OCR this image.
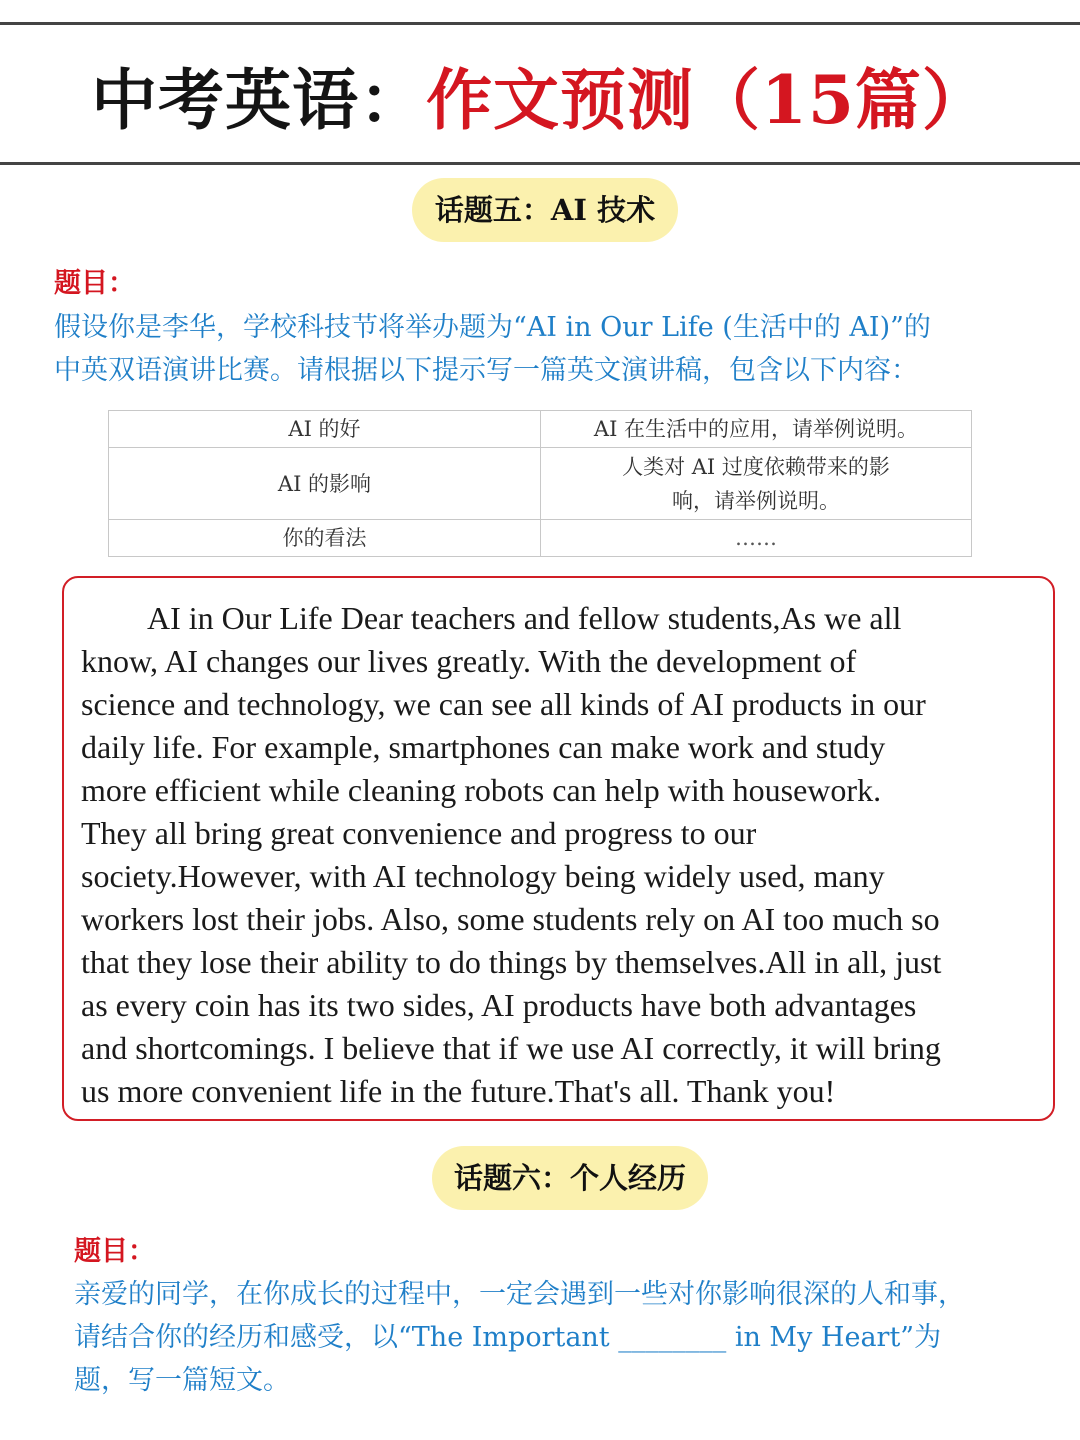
中考英语：作文预测（15篇）
话题五：AI 技术
题目：
假设你是李华，学校科技节将举办题为“AI in Our Life (生活中的 AI)”的
中英双语演讲比赛。请根据以下提示写一篇英文演讲稿，包含以下内容：
AI 的好	AI 在生活中的应用，请举例说明。
AI 的影响	人类对 AI 过度依赖带来的影响，请举例说明。
你的看法	……
AI in Our Life Dear teachers and fellow students,As we all
know, AI changes our lives greatly. With the development of
science and technology, we can see all kinds of AI products in our
daily life. For example, smartphones can make work and study
more efficient while cleaning robots can help with housework.
They all bring great convenience and progress to our
society.However, with AI technology being widely used, many
workers lost their jobs. Also, some students rely on AI too much so
that they lose their ability to do things by themselves.All in all, just
as every coin has its two sides, AI products have both advantages
and shortcomings. I believe that if we use AI correctly, it will bring
us more convenient life in the future.That's all. Thank you!
话题六：个人经历
题目：
亲爱的同学，在你成长的过程中，一定会遇到一些对你影响很深的人和事，
请结合你的经历和感受，以“The Important ________ in My Heart”为
题，写一篇短文。
